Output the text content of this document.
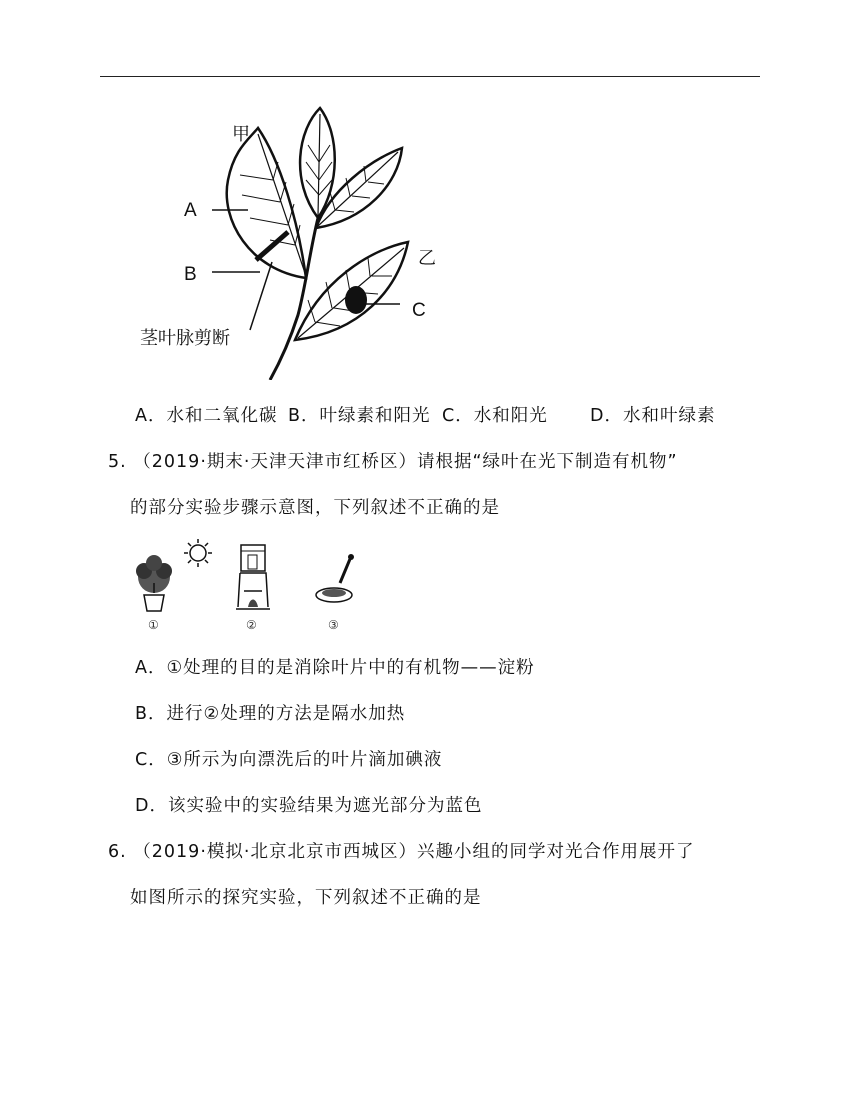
甲
乙
A
B
C
茎叶脉剪断
A．水和二氧化碳 B．叶绿素和阳光 C．水和阳光 D．水和叶绿素
5. （2019·期末·天津天津市红桥区）请根据“绿叶在光下制造有机物”
的部分实验步骤示意图，下列叙述不正确的是
①	②	③
A．①处理的目的是消除叶片中的有机物——淀粉
B．进行②处理的方法是隔水加热
C．③所示为向漂洗后的叶片滴加碘液
D．该实验中的实验结果为遮光部分为蓝色
6. （2019·模拟·北京北京市西城区）兴趣小组的同学对光合作用展开了
如图所示的探究实验，下列叙述不正确的是
